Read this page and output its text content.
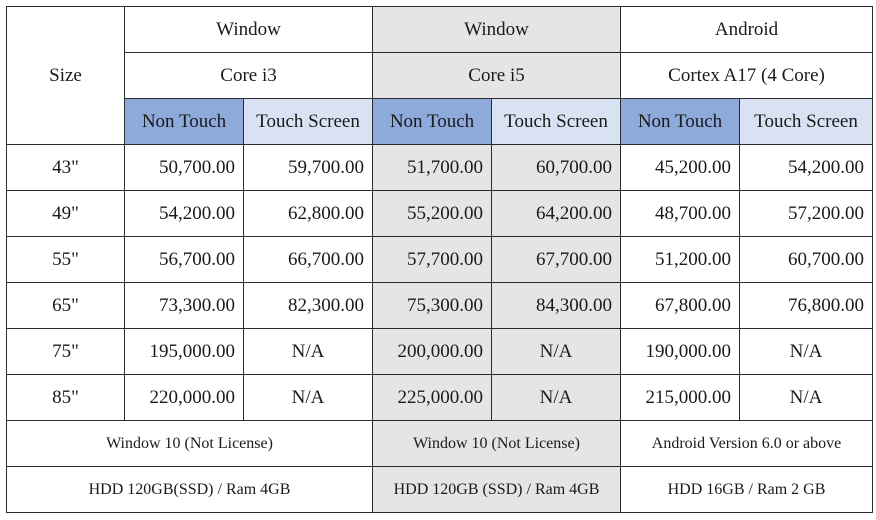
Size	Window		Window		Android	
	Core i3		Core i5		Cortex A17 (4 Core)	
	Non Touch	Touch Screen	Non Touch	Touch Screen	Non Touch	Touch Screen
43"	50,700.00	59,700.00	51,700.00	60,700.00	45,200.00	54,200.00
49"	54,200.00	62,800.00	55,200.00	64,200.00	48,700.00	57,200.00
55"	56,700.00	66,700.00	57,700.00	67,700.00	51,200.00	60,700.00
65"	73,300.00	82,300.00	75,300.00	84,300.00	67,800.00	76,800.00
75"	195,000.00	N/A	200,000.00	N/A	190,000.00	N/A
85"	220,000.00	N/A	225,000.00	N/A	215,000.00	N/A
Window 10 (Not License)			Window 10 (Not License)		Android Version 6.0 or above	
HDD 120GB(SSD) / Ram 4GB			HDD 120GB (SSD) / Ram 4GB		HDD 16GB / Ram 2 GB	
